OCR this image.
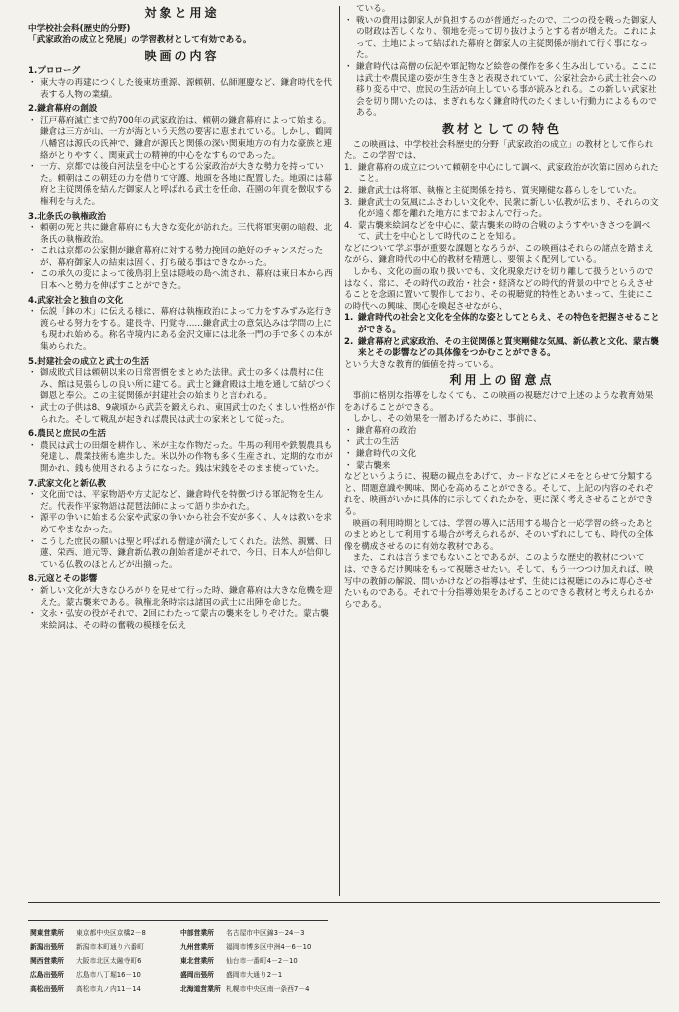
対象と用途
中学校社会科(歴史的分野)
「武家政治の成立と発展」の学習教材として有効である。
映画の内容
1.プロローグ
・ 東大寺の再建につくした後東坊重源、源頼朝、仏師運慶など、鎌倉時代を代表する人物の業績。
2.鎌倉幕府の創設
・ 江戸幕府滅亡まで約700年の武家政治は、頼朝の鎌倉幕府によって始まる。鎌倉は三方が山、一方が海という天然の要害に恵まれている。しかし、鶴岡八幡宮は源氏の氏神で、鎌倉が源氏と関係の深い関東地方の有力な豪族と連絡がとりやすく、関東武士の精神的中心をなすものであった。
・ 一方、京都では後白河法皇を中心とする公家政治が大きな勢力を持っていた。頼朝はこの朝廷の力を借りて守護、地頭を各地に配置した。地頭には幕府と主従関係を結んだ御家人と呼ばれる武士を任命、荘園の年貢を徴収する権利を与えた。
3.北条氏の執権政治
・ 頼朝の死と共に鎌倉幕府にも大きな変化が訪れた。三代将軍実朝の暗殺、北条氏の執権政治。
・ これは京都の公家側が鎌倉幕府に対する勢力挽回の絶好のチャンスだったが、幕府御家人の結束は固く、打ち破る事はできなかった。
・ この承久の変によって後鳥羽上皇は隠岐の島へ流され、幕府は東日本から西日本へと勢力を伸ばすことができた。
4.武家社会と独自の文化
・ 伝説「鉢の木」に伝える様に、幕府は執権政治によって力をすみずみ迄行き渡らせる努力をする。建長寺、円覚寺……鎌倉武士の意気込みは学問の上にも現われ始める。称名寺境内にある金沢文庫には北条一門の手で多くの本が集められた。
5.封建社会の成立と武士の生活
・ 御成敗式目は頼朝以来の日常習慣をまとめた法律。武士の多くは農村に住み、館は見張らしの良い所に建てる。武士と鎌倉殿は土地を通して結びつく御恩と奉公。この主従関係が封建社会の始まりと言われる。
・ 武士の子供は8、9歳頃から武芸を鍛えられ、東国武士のたくましい性格が作られた。そして戦乱が起きれば農民は武士の家来として従った。
6.農民と庶民の生活
・ 農民は武士の田畑を耕作し、米が主な作物だった。牛馬の利用や鉄製農具も発達し、農業技術も進歩した。米以外の作物も多く生産され、定期的な市が開かれ、銭も使用されるようになった。銭は宋銭をそのまま使っていた。
7.武家文化と新仏教
・ 文化面では、平家物語や方丈記など、鎌倉時代を特徴づける軍記物を生んだ。代表作平家物語は琵琶法師によって語り歩かれた。
・ 源平の争いに始まる公家や武家の争いから社会不安が多く、人々は救いを求めてやまなかった。
・ こうした庶民の願いは聖と呼ばれる僧達が満たしてくれた。法然、親鸞、日蓮、栄西、道元等、鎌倉新仏教の創始者達がそれで、今日、日本人が信仰している仏教のほとんどが出揃った。
8.元寇とその影響
・ 新しい文化が大きなひろがりを見せて行った時、鎌倉幕府は大きな危機を迎えた。蒙古襲来である。執権北条時宗は諸国の武士に出陣を命じた。
・ 文永・弘安の役がそれで、2回にわたって蒙古の襲来をしりぞけた。蒙古襲来絵詞は、その時の奮戦の模様を伝え
ている。
・ 戦いの費用は御家人が負担するのが普通だったので、二つの役を戦った御家人の財政は苦しくなり、領地を売って切り抜けようとする者が増えた。これによって、土地によって結ばれた幕府と御家人の主従関係が崩れて行く事になった。
・ 鎌倉時代は高僧の伝記や軍記物など絵巻の傑作を多く生み出している。ここには武士や農民達の姿が生き生きと表現されていて、公家社会から武士社会への移り変る中で、庶民の生活が向上している事が読みとれる。この新しい武家社会を切り開いたのは、まぎれもなく鎌倉時代のたくましい行動力によるものである。
教材としての特色
この映画は、中学校社会科歴史的分野「武家政治の成立」の教材として作られた。この学習では、
1. 鎌倉幕府の成立について頼朝を中心にして調べ、武家政治が次第に固められたこと。
2. 鎌倉武士は将軍、執権と主従関係を持ち、質実剛健な暮らしをしていた。
3. 鎌倉武士の気風にふさわしい文化や、民衆に新しい仏教が広まり、それらの文化が遠く都を離れた地方にまでおよんで行った。
4. 蒙古襲来絵詞などを中心に、蒙古襲来の時の合戦のようすやいきさつを調べて、武士を中心として時代のことを知る。
などについて学ぶ事が重要な課題となろうが、この映画はそれらの諸点を踏まえながら、鎌倉時代の中心的教材を精選し、要領よく配列している。
しかも、文化の面の取り扱いでも、文化現象だけを切り離して扱うというのではなく、常に、その時代の政治・社会・経済などの時代的背景の中でとらえさせることを念頭に置いて製作しており、その視聴覚的特性とあいまって、生徒にこの時代への興味、関心を喚起させながら、
1. 鎌倉時代の社会と文化を全体的な姿としてとらえ、その特色を把握させることができる。
2. 鎌倉幕府と武家政治、その主従関係と質実剛健な気風、新仏教と文化、蒙古襲来とその影響などの具体像をつかむことができる。
という大きな教育的価値を持っている。
利用上の留意点
事前に格別な指導をしなくても、この映画の視聴だけで上述のような教育効果をあげることができる。
しかし、その効果を一層あげるために、事前に、
・ 鎌倉幕府の政治
・ 武士の生活
・ 鎌倉時代の文化
・ 蒙古襲来
などというように、視聴の観点をあげて、カードなどにメモをとらせて分類すると、問題意識や興味、関心を高めることができる。そして、上記の内容のそれぞれを、映画がいかに具体的に示してくれたかを、更に深く考えさせることができる。
映画の利用時期としては、学習の導入に活用する場合と一応学習の終ったあとのまとめとして利用する場合が考えられるが、そのいずれにしても、時代の全体像を構成させるのに有効な教材である。
また、これは言うまでもないことであるが、このような歴史的教材については、できるだけ興味をもって視聴させたい。そして、もう一つつけ加えれば、映写中の教師の解説、問いかけなどの指導はせず、生徒には視聴にのみに専心させたいものである。それで十分指導効果をあげることのできる教材と考えられるからである。
関東営業所	東京都中央区京橋2－8	中部営業所	名古屋市中区錦3－24－3
新潟出張所	新潟市本町通り六番町	九州営業所	福岡市博多区中洲4－6－10
関西営業所	大阪市北区太融寺町6	東北営業所	仙台市一番町4－2－10
広島出張所	広島市八丁堀16－10	盛岡出張所	盛岡市大通り2－1
高松出張所	高松市丸ノ内11－14	北海道営業所 札幌市中央区南一条西7－4
